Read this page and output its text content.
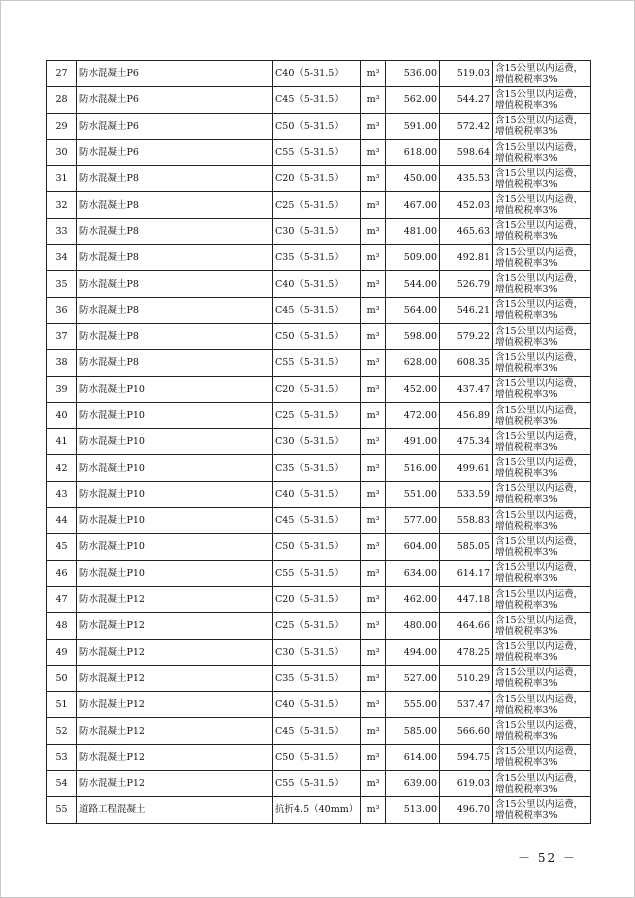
27	防水混凝土P6	C40（5-31.5）	m³	536.00	519.03	含15公里以内运费，
增值税税率3%

28	防水混凝土P6	C45（5-31.5）	m³	562.00	544.27	含15公里以内运费，
增值税税率3%

29	防水混凝土P6	C50（5-31.5）	m³	591.00	572.42	含15公里以内运费，
增值税税率3%

30	防水混凝土P6	C55（5-31.5）	m³	618.00	598.64	含15公里以内运费，
增值税税率3%

31	防水混凝土P8	C20（5-31.5）	m³	450.00	435.53	含15公里以内运费，
增值税税率3%

32	防水混凝土P8	C25（5-31.5）	m³	467.00	452.03	含15公里以内运费，
增值税税率3%

33	防水混凝土P8	C30（5-31.5）	m³	481.00	465.63	含15公里以内运费，
增值税税率3%

34	防水混凝土P8	C35（5-31.5）	m³	509.00	492.81	含15公里以内运费，
增值税税率3%

35	防水混凝土P8	C40（5-31.5）	m³	544.00	526.79	含15公里以内运费，
增值税税率3%

36	防水混凝土P8	C45（5-31.5）	m³	564.00	546.21	含15公里以内运费，
增值税税率3%

37	防水混凝土P8	C50（5-31.5）	m³	598.00	579.22	含15公里以内运费，
增值税税率3%

38	防水混凝土P8	C55（5-31.5）	m³	628.00	608.35	含15公里以内运费，
增值税税率3%

39	防水混凝土P10	C20（5-31.5）	m³	452.00	437.47	含15公里以内运费，
增值税税率3%

40	防水混凝土P10	C25（5-31.5）	m³	472.00	456.89	含15公里以内运费，
增值税税率3%

41	防水混凝土P10	C30（5-31.5）	m³	491.00	475.34	含15公里以内运费，
增值税税率3%

42	防水混凝土P10	C35（5-31.5）	m³	516.00	499.61	含15公里以内运费，
增值税税率3%

43	防水混凝土P10	C40（5-31.5）	m³	551.00	533.59	含15公里以内运费，
增值税税率3%

44	防水混凝土P10	C45（5-31.5）	m³	577.00	558.83	含15公里以内运费，
增值税税率3%

45	防水混凝土P10	C50（5-31.5）	m³	604.00	585.05	含15公里以内运费，
增值税税率3%

46	防水混凝土P10	C55（5-31.5）	m³	634.00	614.17	含15公里以内运费，
增值税税率3%

47	防水混凝土P12	C20（5-31.5）	m³	462.00	447.18	含15公里以内运费，
增值税税率3%

48	防水混凝土P12	C25（5-31.5）	m³	480.00	464.66	含15公里以内运费，
增值税税率3%

49	防水混凝土P12	C30（5-31.5）	m³	494.00	478.25	含15公里以内运费，
增值税税率3%

50	防水混凝土P12	C35（5-31.5）	m³	527.00	510.29	含15公里以内运费，
增值税税率3%

51	防水混凝土P12	C40（5-31.5）	m³	555.00	537.47	含15公里以内运费，
增值税税率3%

52	防水混凝土P12	C45（5-31.5）	m³	585.00	566.60	含15公里以内运费，
增值税税率3%

53	防水混凝土P12	C50（5-31.5）	m³	614.00	594.75	含15公里以内运费，
增值税税率3%

54	防水混凝土P12	C55（5-31.5）	m³	639.00	619.03	含15公里以内运费，
增值税税率3%

55	道路工程混凝土	抗折4.5（40mm）	m³	513.00	496.70	含15公里以内运费，
增值税税率3%
－ 52 －
